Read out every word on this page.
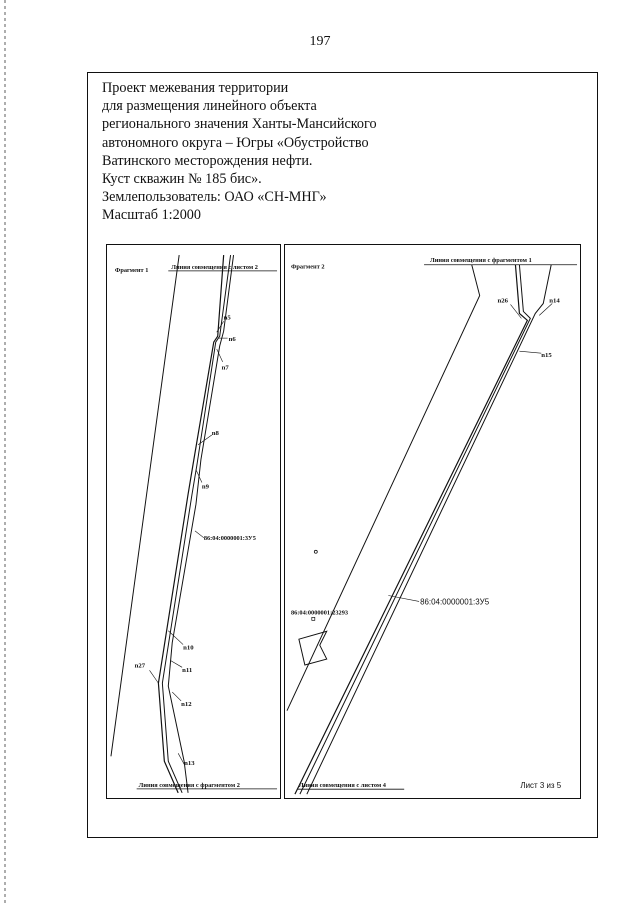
197
Проект межевания территории
для размещения линейного объекта
регионального значения Ханты-Мансийского
автономного округа – Югры «Обустройство
Ватинского месторождения нефти.
Куст скважин № 185 бис».
Землепользователь: ОАО «СН-МНГ»
Масштаб 1:2000
Фрагмент 1	Линия совмещения с листом 2
Линия совмещения с фрагментом 2
86:04:0000001:3У5
n5
n6
n7
n8
n9
n10
n11
n27
n12
n13
Фрагмент 2
Линия совмещения с фрагментом 1
Линия совмещения с листом 4	Лист 3 из 5
86:04:0000001:3У5
86:04:0000001:23293
n26	n14
n15
